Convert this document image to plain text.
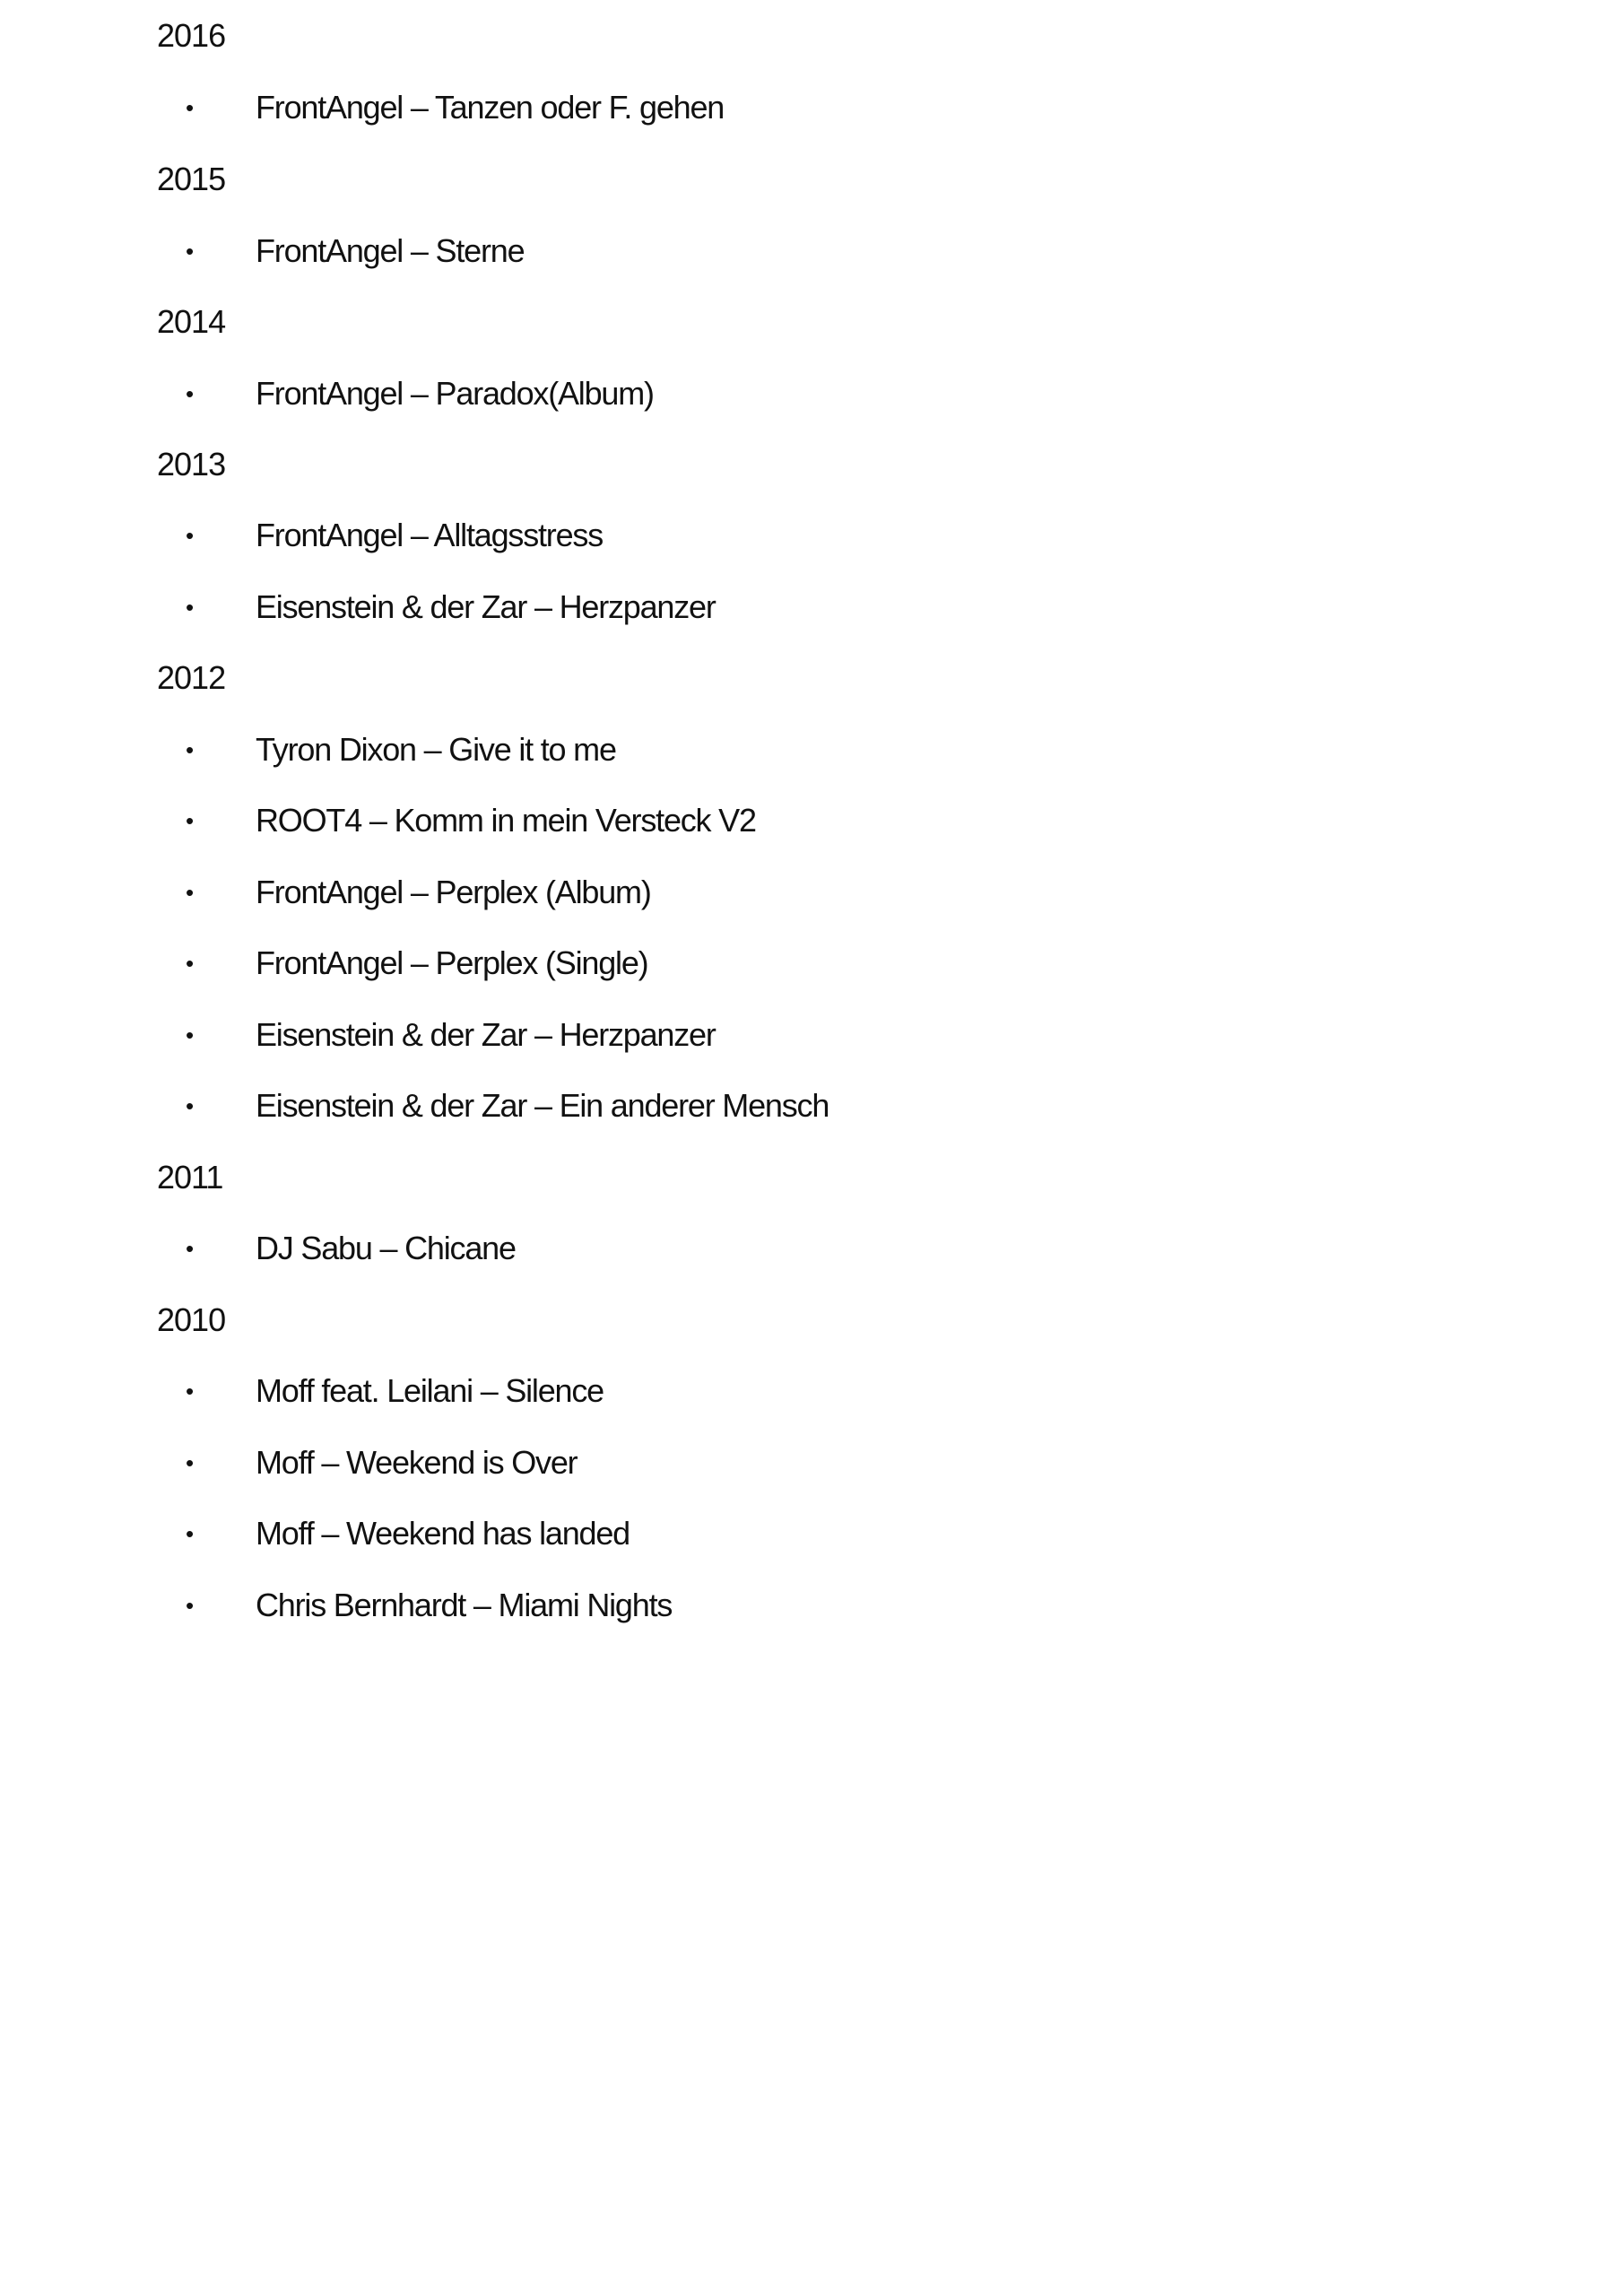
2016
• FrontAngel – Tanzen oder F. gehen
2015
• FrontAngel – Sterne
2014
• FrontAngel – Paradox(Album)
2013
• FrontAngel – Alltagsstress
• Eisenstein & der Zar – Herzpanzer
2012
• Tyron Dixon – Give it to me
• ROOT4 – Komm in mein Versteck V2
• FrontAngel – Perplex (Album)
• FrontAngel – Perplex (Single)
• Eisenstein & der Zar – Herzpanzer
• Eisenstein & der Zar – Ein anderer Mensch
2011
• DJ Sabu – Chicane
2010
• Moff feat. Leilani – Silence
• Moff – Weekend is Over
• Moff – Weekend has landed
• Chris Bernhardt – Miami Nights
